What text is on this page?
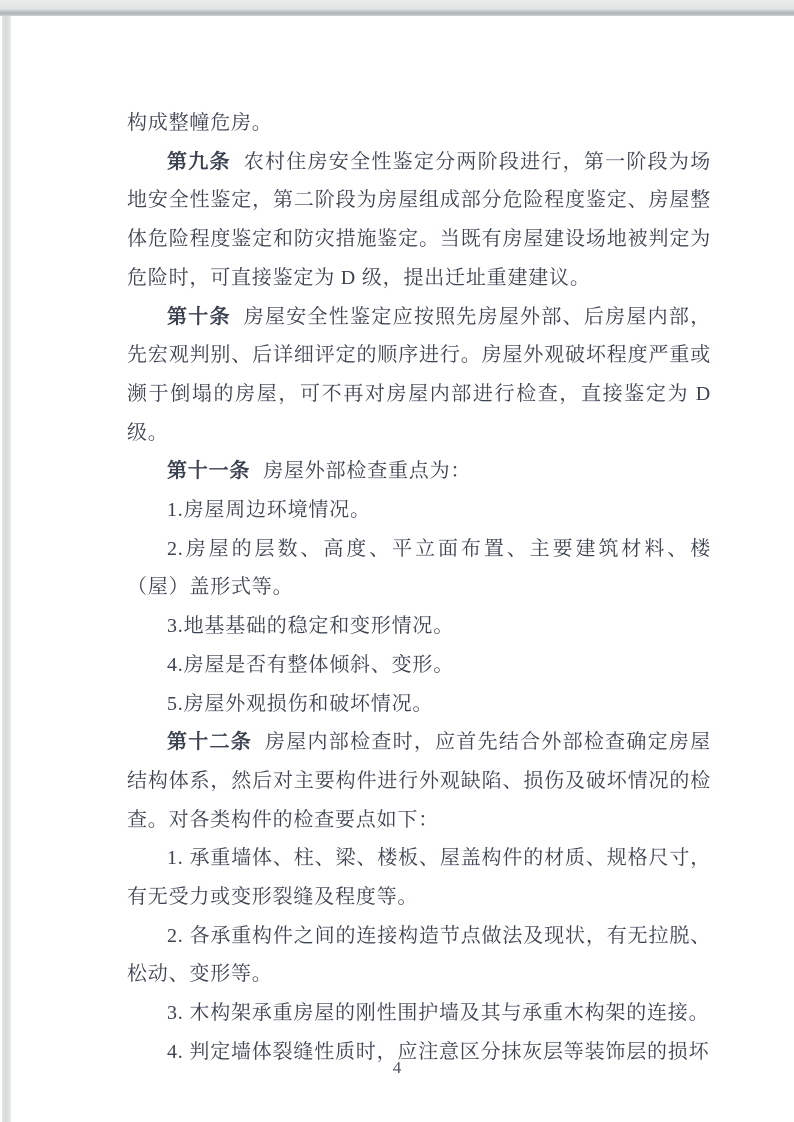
构成整幢危房。

第九条 农村住房安全性鉴定分两阶段进行，第一阶段为场地安全性鉴定，第二阶段为房屋组成部分危险程度鉴定、房屋整体危险程度鉴定和防灾措施鉴定。当既有房屋建设场地被判定为危险时，可直接鉴定为 D 级，提出迁址重建建议。

第十条 房屋安全性鉴定应按照先房屋外部、后房屋内部，先宏观判别、后详细评定的顺序进行。房屋外观破坏程度严重或濒于倒塌的房屋，可不再对房屋内部进行检查，直接鉴定为 D 级。

第十一条 房屋外部检查重点为：

1.房屋周边环境情况。

2.房屋的层数、高度、平立面布置、主要建筑材料、楼（屋）盖形式等。

3.地基基础的稳定和变形情况。

4.房屋是否有整体倾斜、变形。

5.房屋外观损伤和破坏情况。

第十二条 房屋内部检查时，应首先结合外部检查确定房屋结构体系，然后对主要构件进行外观缺陷、损伤及破坏情况的检查。对各类构件的检查要点如下：

1. 承重墙体、柱、梁、楼板、屋盖构件的材质、规格尺寸，有无受力或变形裂缝及程度等。

2. 各承重构件之间的连接构造节点做法及现状，有无拉脱、松动、变形等。

3. 木构架承重房屋的刚性围护墙及其与承重木构架的连接。

4. 判定墙体裂缝性质时，应注意区分抹灰层等装饰层的损坏

4
